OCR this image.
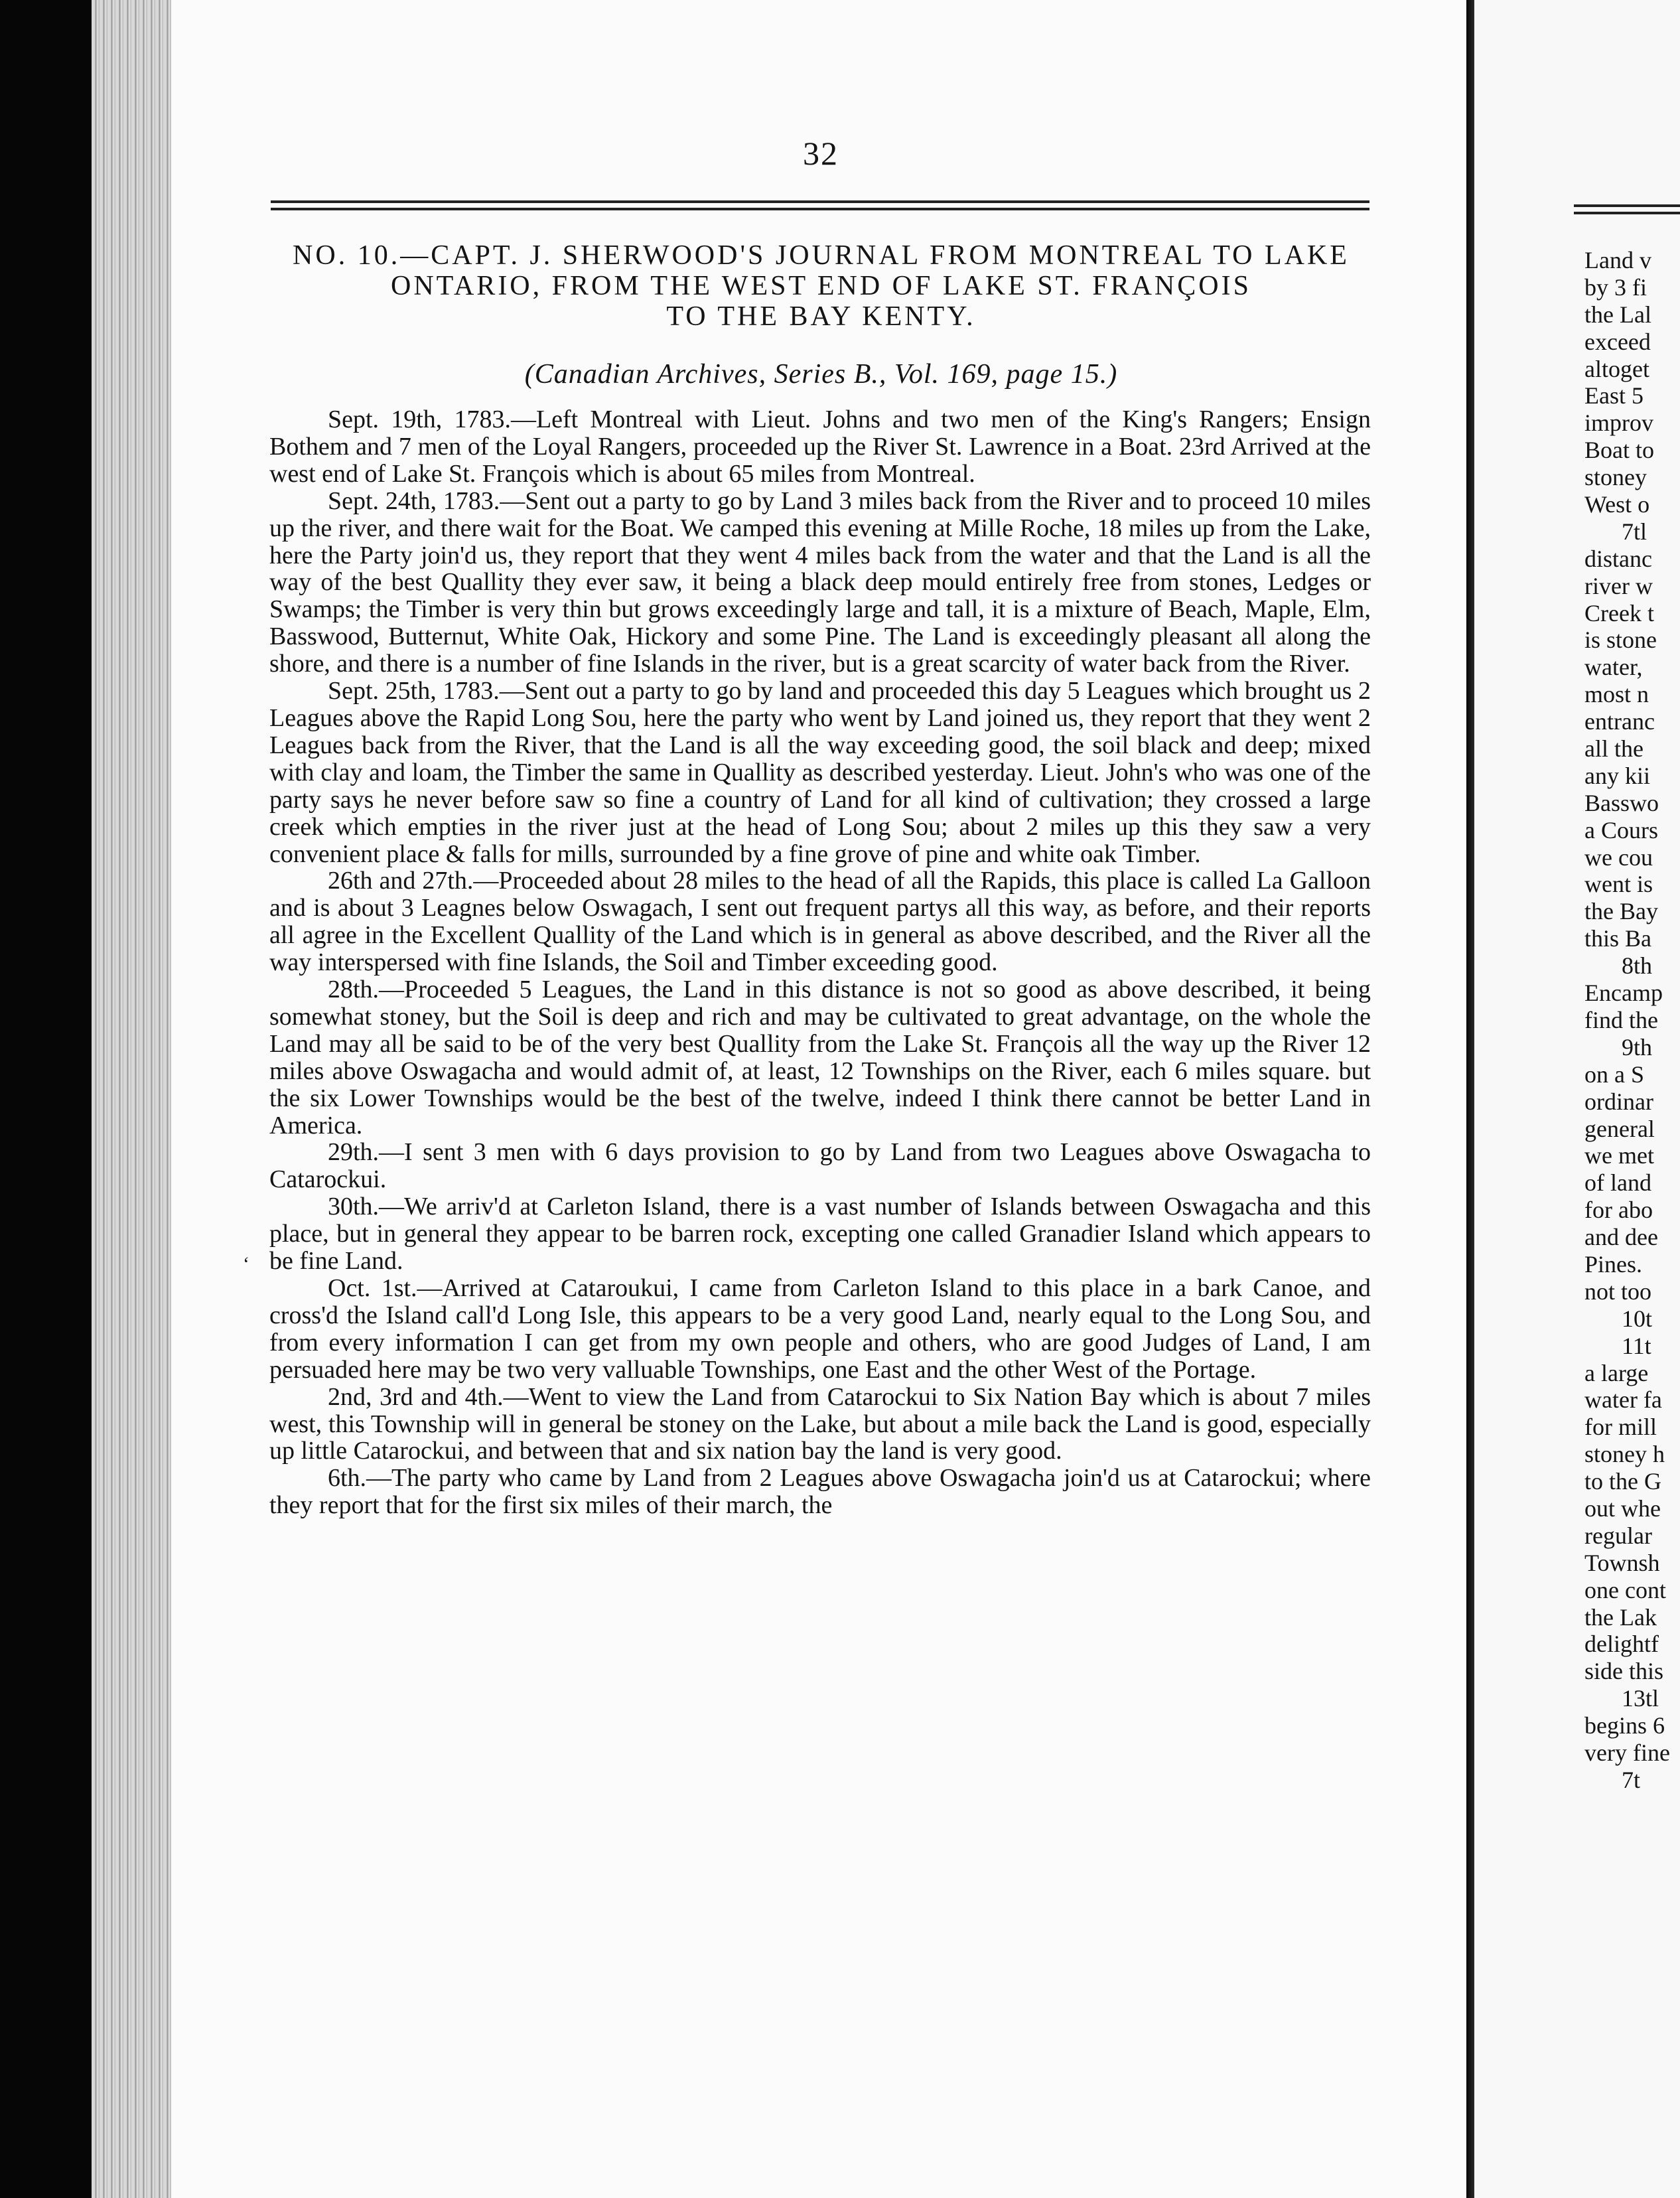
32
NO. 10.—CAPT. J. SHERWOOD'S JOURNAL FROM MONTREAL TO LAKE
ONTARIO, FROM THE WEST END OF LAKE ST. FRANÇOIS
TO THE BAY KENTY.
(Canadian Archives, Series B., Vol. 169, page 15.)

Sept. 19th, 1783.—Left Montreal with Lieut. Johns and two men of the King's Rangers; Ensign Bothem and 7 men of the Loyal Rangers, proceeded up the River St. Lawrence in a Boat. 23rd Arrived at the west end of Lake St. François which is about 65 miles from Montreal.

Sept. 24th, 1783.—Sent out a party to go by Land 3 miles back from the River and to proceed 10 miles up the river, and there wait for the Boat. We camped this evening at Mille Roche, 18 miles up from the Lake, here the Party join'd us, they report that they went 4 miles back from the water and that the Land is all the way of the best Quallity they ever saw, it being a black deep mould entirely free from stones, Ledges or Swamps; the Timber is very thin but grows exceedingly large and tall, it is a mixture of Beach, Maple, Elm, Basswood, Butternut, White Oak, Hickory and some Pine. The Land is exceedingly pleasant all along the shore, and there is a number of fine Islands in the river, but is a great scarcity of water back from the River.

Sept. 25th, 1783.—Sent out a party to go by land and proceeded this day 5 Leagues which brought us 2 Leagues above the Rapid Long Sou, here the party who went by Land joined us, they report that they went 2 Leagues back from the River, that the Land is all the way exceeding good, the soil black and deep; mixed with clay and loam, the Timber the same in Quallity as described yesterday. Lieut. John's who was one of the party says he never before saw so fine a country of Land for all kind of cultivation; they crossed a large creek which empties in the river just at the head of Long Sou; about 2 miles up this they saw a very convenient place & falls for mills, surrounded by a fine grove of pine and white oak Timber.

26th and 27th.—Proceeded about 28 miles to the head of all the Rapids, this place is called La Galloon and is about 3 Leagnes below Oswagach, I sent out frequent partys all this way, as before, and their reports all agree in the Excellent Quallity of the Land which is in general as above described, and the River all the way interspersed with fine Islands, the Soil and Timber exceeding good.

28th.—Proceeded 5 Leagues, the Land in this distance is not so good as above described, it being somewhat stoney, but the Soil is deep and rich and may be cultivated to great advantage, on the whole the Land may all be said to be of the very best Quallity from the Lake St. François all the way up the River 12 miles above Oswagacha and would admit of, at least, 12 Townships on the River, each 6 miles square. but the six Lower Townships would be the best of the twelve, indeed I think there cannot be better Land in America.

29th.—I sent 3 men with 6 days provision to go by Land from two Leagues above Oswagacha to Catarockui.

30th.—We arriv'd at Carleton Island, there is a vast number of Islands between Oswagacha and this place, but in general they appear to be barren rock, excepting one called Granadier Island which appears to be fine Land.

Oct. 1st.—Arrived at Cataroukui, I came from Carleton Island to this place in a bark Canoe, and cross'd the Island call'd Long Isle, this appears to be a very good Land, nearly equal to the Long Sou, and from every information I can get from my own people and others, who are good Judges of Land, I am persuaded here may be two very valluable Townships, one East and the other West of the Portage.

2nd, 3rd and 4th.—Went to view the Land from Catarockui to Six Nation Bay which is about 7 miles west, this Township will in general be stoney on the Lake, but about a mile back the Land is good, especially up little Catarockui, and between that and six nation bay the land is very good.

6th.—The party who came by Land from 2 Leagues above Oswagacha join'd us at Catarockui; where they report that for the first six miles of their march, the

‘
Land v
by 3 fi
the Lal
exceed
altoget
East 5
improv
Boat to
stoney
West o
7tl
distanc
river w
Creek t
is stone
water,
most n
entranc
all the
any kii
Basswo
a Cours
we cou
went is
the Bay
this Ba
8th
Encamp
find the
9th
on a S
ordinar
general
we met
of land
for abo
and dee
Pines.
not too
10t
11t
a large
water fa
for mill
stoney h
to the G
out whe
regular
Townsh
one cont
the Lak
delightf
side this
13tl
begins 6
very fine
7t
